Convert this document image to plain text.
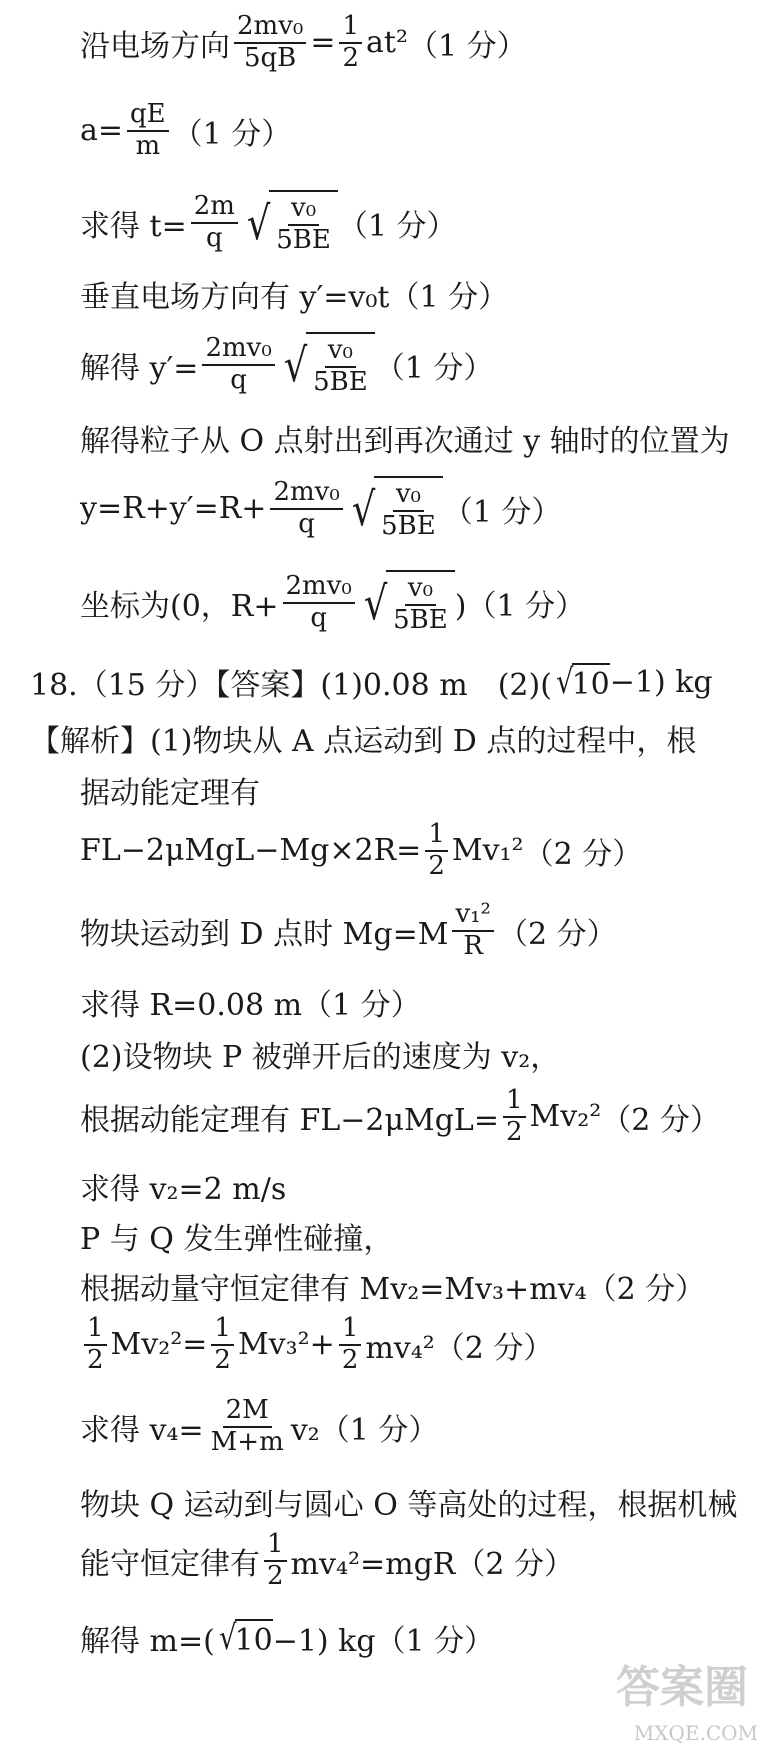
沿电场方向 $\frac{\text{2mv₀}}{5qB} = \frac{1}{2} at^2$ （1 分）
$a= \frac{qE}{m} (1$ 分）
求得 $t= \frac{2m}{q}$ √ $\frac{\text{v₀}}{5BE} (1$ 分）
垂直电场方向有 y′=v₀t（1 分）
解得 $y'= \frac{\text{2mv₀}}{q}$ √ $\frac{\text{v₀}}{5BE} (1$ 分）
解得粒子从 O 点射出到再次通过 y 轴时的位置为
$y=R+y'=R+ \frac{\text{2mv₀}}{q}$ √ $\frac{\text{v₀}}{5BE} (1$ 分）
坐标为(0，$R+ \frac{\text{2mv₀}}{q}$ √ $\frac{\text{v₀}}{5BE} )(1$ 分）
18.（15 分）【答案】(1)0.08 m　(2)( √
10 −1) kg
【解析】(1)物块从 A 点运动到 D 点的过程中，根
据动能定理有
$FL-2\mu MgL-Mg\times 2R= \frac{1}{2} Mv_1^2$ （2 分）
物块运动到 D 点时 $Mg=M \frac{\text{v₁²}}{R} (2$ 分）
求得 R=0.08 m（1 分）
(2)设物块 P 被弹开后的速度为 v₂，
根据动能定理有 $FL-2\mu MgL= \frac{1}{2} Mv_2^2$ （2 分）
求得 v₂=2 m/s
P 与 Q 发生弹性碰撞，
根据动量守恒定律有 Mv₂=Mv₃+mv₄（2 分）
$\frac{1}{2} Mv_2^2= \frac{1}{2} Mv_3^2+ \frac{1}{2} mv_4^2(2$ 分）
求得 $v_4= \frac{2M}{M+m} v_2(1$ 分）
物块 Q 运动到与圆心 O 等高处的过程，根据机械
能守恒定律有 $\frac{1}{2} mv_4^2=mgR(2$ 分）
解得 m=( √
10 −1) kg（1 分）
答案圈
MXQE.COM
